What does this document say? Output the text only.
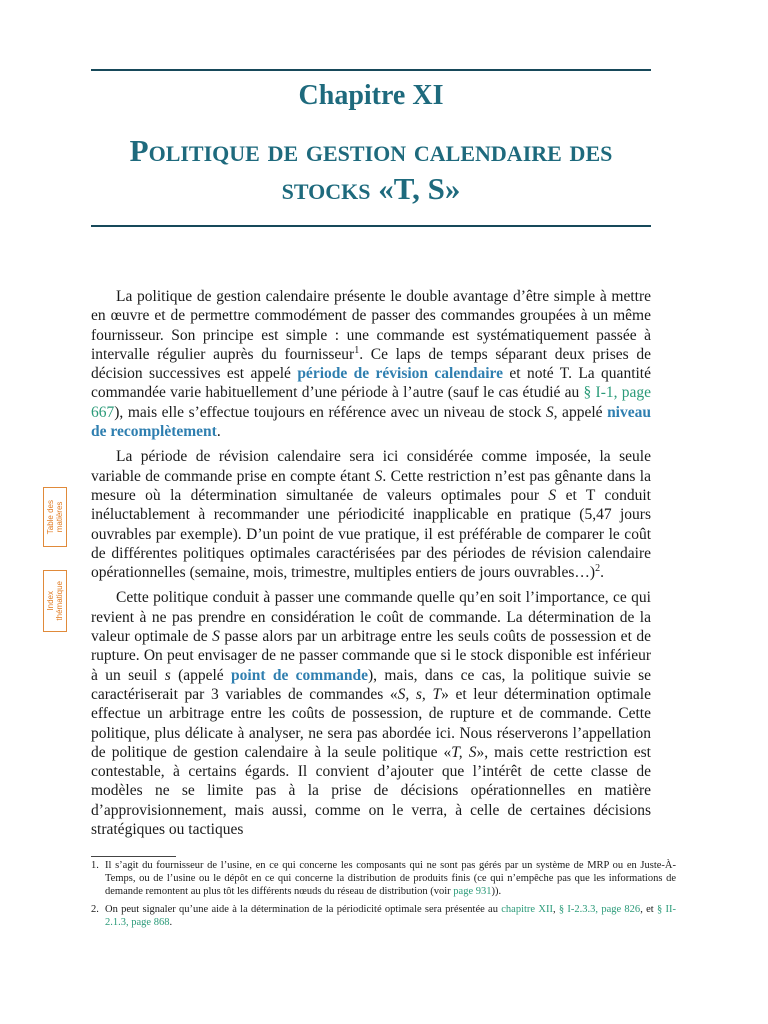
Chapitre XI
Politique de gestion calendaire des
stocks «T, S»
Table des
matières
Index
thématique

La politique de gestion calendaire présente le double avantage d’être simple à mettre en œuvre et de permettre commodément de passer des commandes groupées à un même fournisseur. Son principe est simple : une commande est systématiquement passée à intervalle régulier auprès du fournisseur$^1$. Ce laps de temps séparant deux prises de décision successives est appelé période de révision calendaire et noté T. La quantité commandée varie habituellement d’une période à l’autre (sauf le cas étudié au § I-1, page 667), mais elle s’effectue toujours en référence avec un niveau de stock S, appelé niveau de recomplètement.

La période de révision calendaire sera ici considérée comme imposée, la seule variable de commande prise en compte étant S. Cette restriction n’est pas gênante dans la mesure où la détermination simultanée de valeurs optimales pour S et T conduit inéluctablement à recommander une périodicité inapplicable en pratique (5,47 jours ouvrables par exemple). D’un point de vue pratique, il est préférable de comparer le coût de différentes politiques optimales caractérisées par des périodes de révision calendaire opérationnelles (semaine, mois, trimestre, multiples entiers de jours ouvrables…)$^2$.

Cette politique conduit à passer une commande quelle qu’en soit l’importance, ce qui revient à ne pas prendre en considération le coût de commande. La détermination de la valeur optimale de S passe alors par un arbitrage entre les seuls coûts de possession et de rupture. On peut envisager de ne passer commande que si le stock disponible est inférieur à un seuil s (appelé point de commande), mais, dans ce cas, la politique suivie se caractériserait par 3 variables de commandes «S, s, T» et leur détermination optimale effectue un arbitrage entre les coûts de possession, de rupture et de commande. Cette politique, plus délicate à analyser, ne sera pas abordée ici. Nous réserverons l’appellation de politique de gestion calendaire à la seule politique «T, S», mais cette restriction est contestable, à certains égards. Il convient d’ajouter que l’intérêt de cette classe de modèles ne se limite pas à la prise de décisions opérationnelles en matière d’approvisionnement, mais aussi, comme on le verra, à celle de certaines décisions stratégiques ou tactiques

1. Il s’agit du fournisseur de l’usine, en ce qui concerne les composants qui ne sont pas gérés par un système de MRP ou en Juste-À-Temps, ou de l’usine ou le dépôt en ce qui concerne la distribution de produits finis (ce qui n’empêche pas que les informations de demande remontent au plus tôt les différents nœuds du réseau de distribution (voir page 931)).
2. On peut signaler qu’une aide à la détermination de la périodicité optimale sera présentée au chapitre XII, § I-2.3.3, page 826, et § II-2.1.3, page 868.
